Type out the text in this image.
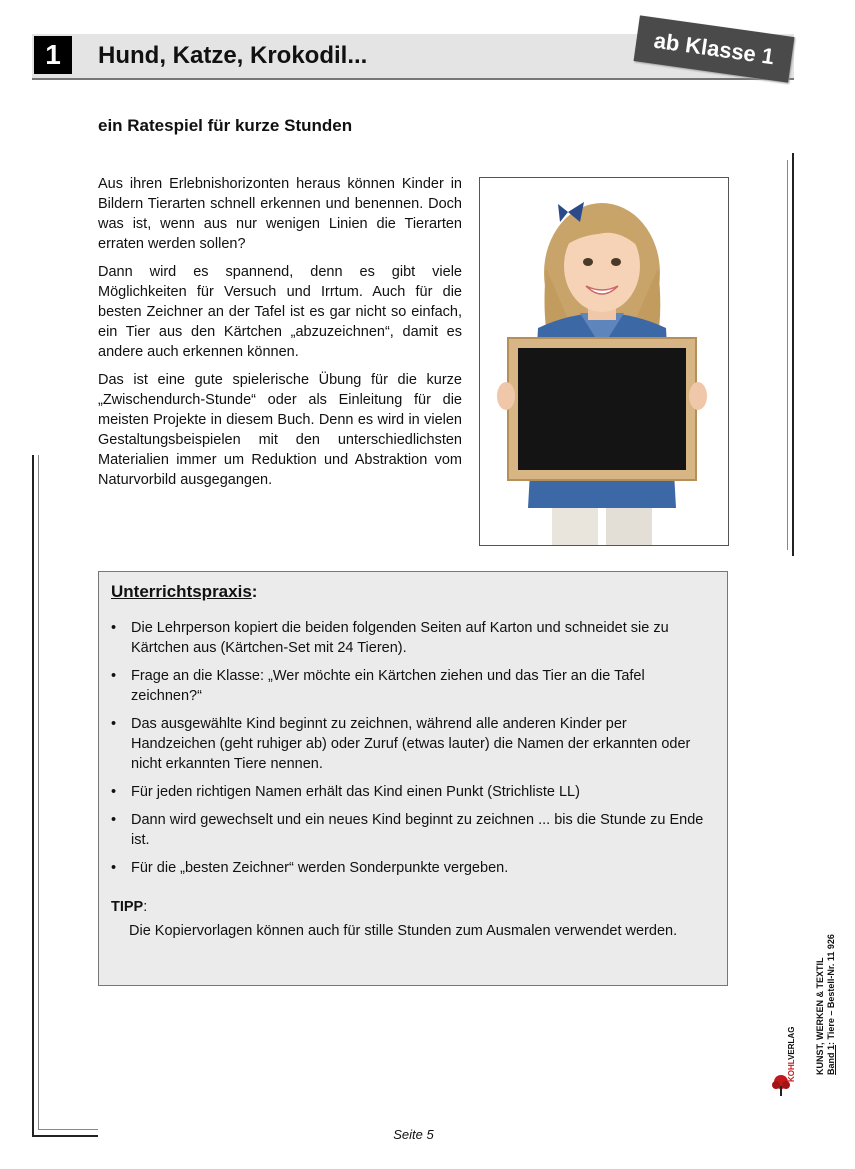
1	Hund, Katze, Krokodil...	ab Klasse 1
ein Ratespiel für kurze Stunden

Aus ihren Erlebnishorizonten heraus können Kinder in Bildern Tierarten schnell erkennen und benennen. Doch was ist, wenn aus nur wenigen Linien die Tierarten erraten werden sollen?

Dann wird es spannend, denn es gibt viele Möglichkeiten für Versuch und Irrtum. Auch für die besten Zeichner an der Tafel ist es gar nicht so einfach, ein Tier aus den Kärtchen „abzuzeichnen“, damit es andere auch erkennen können.

Das ist eine gute spielerische Übung für die kurze „Zwischendurch-Stunde“ oder als Einleitung für die meisten Projekte in diesem Buch. Denn es wird in vielen Gestaltungsbeispielen mit den unterschiedlichsten Materialien immer um Reduktion und Abstraktion vom Naturvorbild ausgegangen.

Unterrichtspraxis:
• Die Lehrperson kopiert die beiden folgenden Seiten auf Karton und schneidet sie zu Kärtchen aus (Kärtchen-Set mit 24 Tieren).
• Frage an die Klasse: „Wer möchte ein Kärtchen ziehen und das Tier an die Tafel zeichnen?“
• Das ausgewählte Kind beginnt zu zeichnen, während alle anderen Kinder per Handzeichen (geht ruhiger ab) oder Zuruf (etwas lauter) die Namen der erkannten oder nicht erkannten Tiere nennen.
• Für jeden richtigen Namen erhält das Kind einen Punkt (Strichliste LL)
• Dann wird gewechselt und ein neues Kind beginnt zu zeichnen ... bis die Stunde zu Ende ist.
• Für die „besten Zeichner“ werden Sonderpunkte vergeben.
TIPP:
Die Kopiervorlagen können auch für stille Stunden zum Ausmalen verwendet werden.
KUNST, WERKEN & TEXTIL Band 1: Tiere – Bestell-Nr. 11 926
KOHLVERLAG
Seite 5
